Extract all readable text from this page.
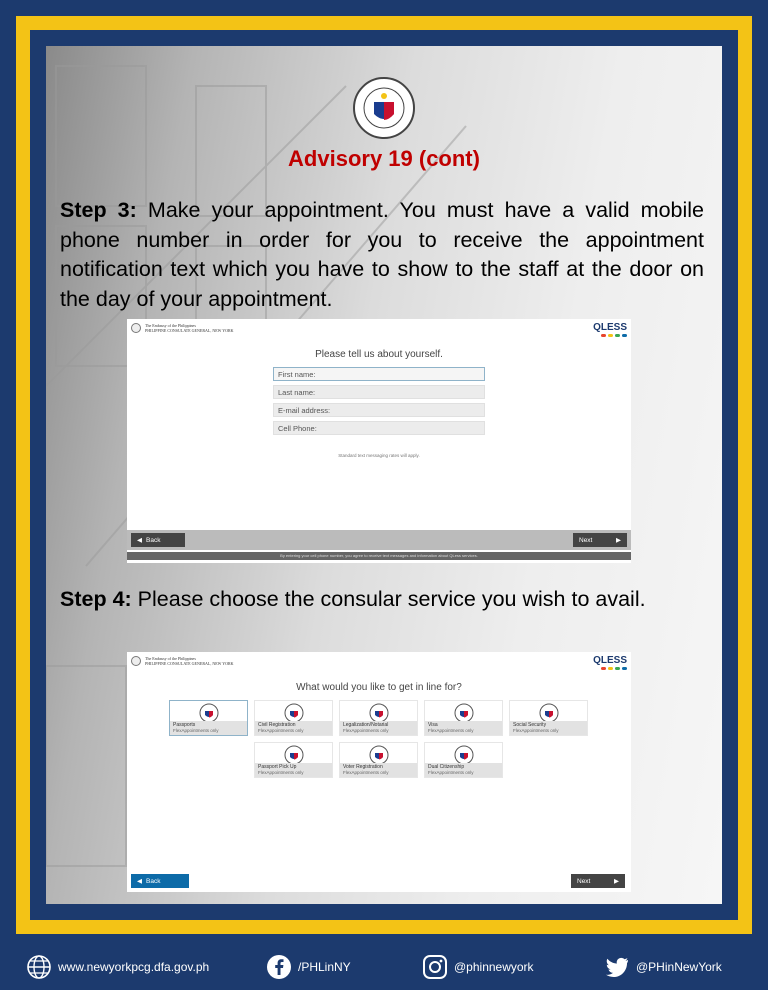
Advisory 19 (cont)

Step 3: Make your appointment. You must have a valid mobile phone number in order for you to receive the appointment notification text which you have to show to the staff at the door on the day of your appointment.

The Embassy of the Philippines
PHILIPPINE CONSULATE GENERAL, NEW YORK	QLESS
Please tell us about yourself.
First name:
Last name:
E-mail address:
Cell Phone:
Standard text messaging rates will apply.
◀ Back	Next	▶
By entering your cell phone number, you agree to receive text messages and information about QLess services.

Step 4: Please choose the consular service you wish to avail.

The Embassy of the Philippines
PHILIPPINE CONSULATE GENERAL, NEW YORK	QLESS
What would you like to get in line for?
Passports
FlexAppointments only
Civil Registration
FlexAppointments only
Legalization/Notarial
FlexAppointments only
Visa
FlexAppointments only
Social Security
FlexAppointments only
Passport Pick Up
FlexAppointments only
Voter Registration
FlexAppointments only
Dual Citizenship
FlexAppointments only
◀ Back	Next	▶
www.newyorkpcg.dfa.gov.ph	/PHLinNY	@phinnewyork	@PHinNewYork
